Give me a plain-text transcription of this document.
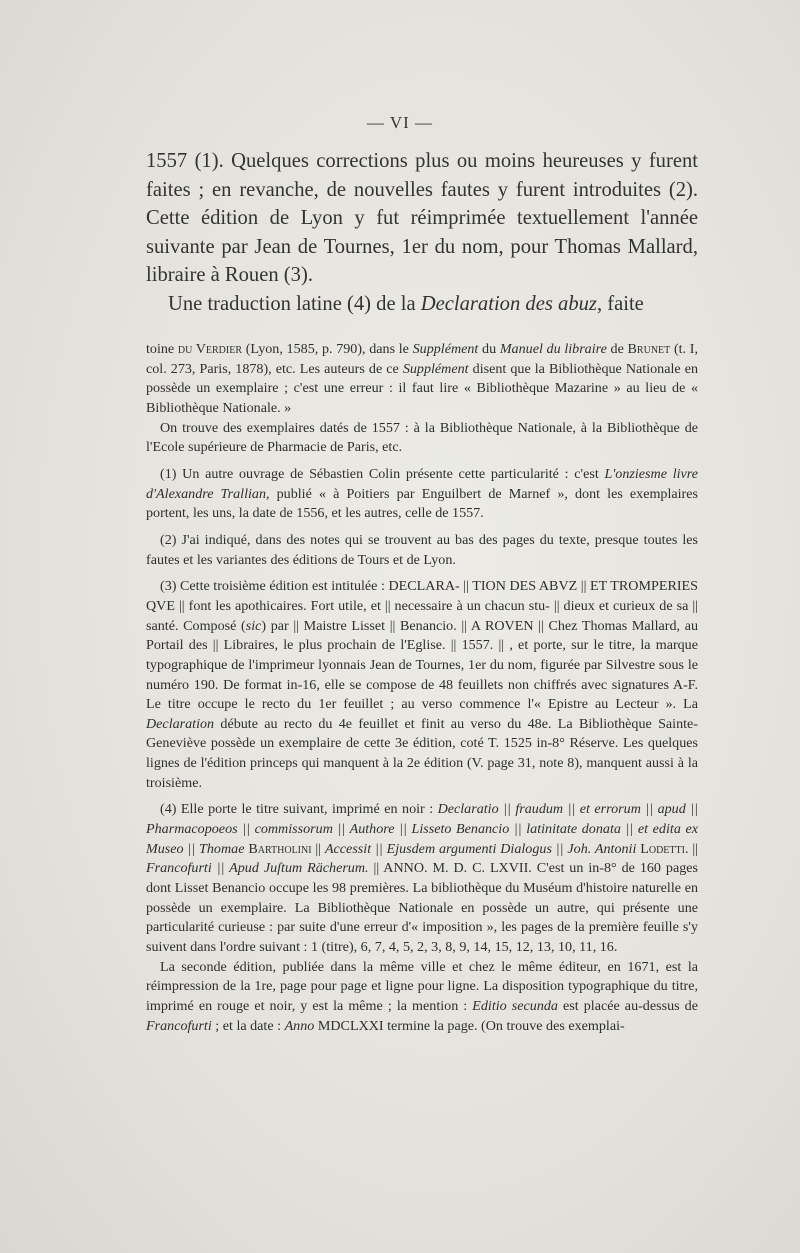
— VI —

1557 (1). Quelques corrections plus ou moins heureuses y furent faites ; en revanche, de nouvelles fautes y furent introduites (2). Cette édition de Lyon y fut réimprimée textuellement l'année suivante par Jean de Tournes, 1er du nom, pour Thomas Mallard, libraire à Rouen (3).

Une traduction latine (4) de la Declaration des abuz, faite

toine du Verdier (Lyon, 1585, p. 790), dans le Supplément du Manuel du libraire de Brunet (t. I, col. 273, Paris, 1878), etc. Les auteurs de ce Supplément disent que la Bibliothèque Nationale en possède un exemplaire ; c'est une erreur : il faut lire « Bibliothèque Mazarine » au lieu de « Bibliothèque Nationale. »

On trouve des exemplaires datés de 1557 : à la Bibliothèque Nationale, à la Bibliothèque de l'Ecole supérieure de Pharmacie de Paris, etc.

(1) Un autre ouvrage de Sébastien Colin présente cette particularité : c'est L'onziesme livre d'Alexandre Trallian, publié « à Poitiers par Enguilbert de Marnef », dont les exemplaires portent, les uns, la date de 1556, et les autres, celle de 1557.

(2) J'ai indiqué, dans des notes qui se trouvent au bas des pages du texte, presque toutes les fautes et les variantes des éditions de Tours et de Lyon.

(3) Cette troisième édition est intitulée : DECLARA- || TION DES ABVZ || ET TROMPERIES QVE || font les apothicaires. Fort utile, et || necessaire à un chacun stu- || dieux et curieux de sa || santé. Composé (sic) par || Maistre Lisset || Benancio. || A ROVEN || Chez Thomas Mallard, au Portail des || Libraires, le plus prochain de l'Eglise. || 1557. || , et porte, sur le titre, la marque typographique de l'imprimeur lyonnais Jean de Tournes, 1er du nom, figurée par Silvestre sous le numéro 190. De format in-16, elle se compose de 48 feuillets non chiffrés avec signatures A-F. Le titre occupe le recto du 1er feuillet ; au verso commence l'« Epistre au Lecteur ». La Declaration débute au recto du 4e feuillet et finit au verso du 48e. La Bibliothèque Sainte-Geneviève possède un exemplaire de cette 3e édition, coté T. 1525 in-8° Réserve. Les quelques lignes de l'édition princeps qui manquent à la 2e édition (V. page 31, note 8), manquent aussi à la troisième.

(4) Elle porte le titre suivant, imprimé en noir : Declaratio || fraudum || et errorum || apud || Pharmacopoeos || commissorum || Authore || Lisseto Benancio || latinitate donata || et edita ex Museo || Thomae Bartholini || Accessit || Ejusdem argumenti Dialogus || Joh. Antonii Lodetti. || Francofurti || Apud Juſtum Rächerum. || ANNO. M. D. C. LXVII. C'est un in-8° de 160 pages dont Lisset Benancio occupe les 98 premières. La bibliothèque du Muséum d'histoire naturelle en possède un exemplaire. La Bibliothèque Nationale en possède un autre, qui présente une particularité curieuse : par suite d'une erreur d'« imposition », les pages de la première feuille s'y suivent dans l'ordre suivant : 1 (titre), 6, 7, 4, 5, 2, 3, 8, 9, 14, 15, 12, 13, 10, 11, 16.

La seconde édition, publiée dans la même ville et chez le même éditeur, en 1671, est la réimpression de la 1re, page pour page et ligne pour ligne. La disposition typographique du titre, imprimé en rouge et noir, y est la même ; la mention : Editio secunda est placée au-dessus de Francofurti ; et la date : Anno MDCLXXI termine la page. (On trouve des exemplai-
